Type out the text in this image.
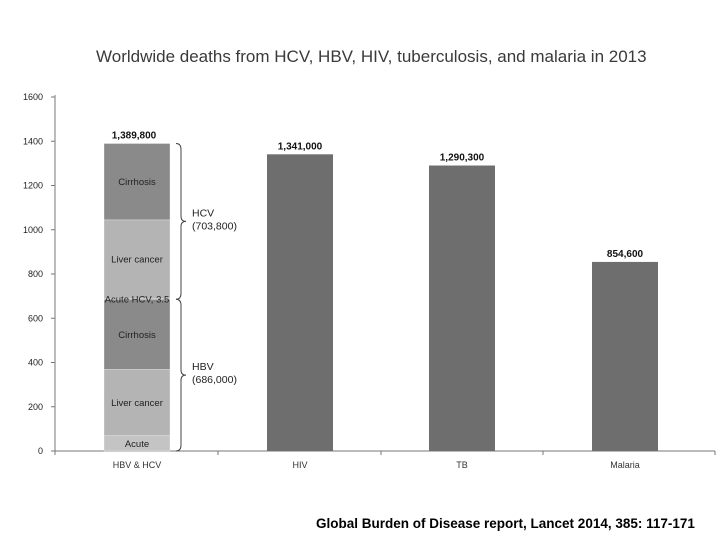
Worldwide deaths from HCV, HBV, HIV, tuberculosis, and malaria in 2013
0
200
400
600
800
1000
1200
1400
1600
HBV & HCV	HIV	TB	Malaria
Acute
Liver cancer
Cirrhosis
Acute HCV, 3.5
Liver cancer
Cirrhosis
1,389,800
1,341,000
1,290,300
854,600
HCV
(703,800)
HBV
(686,000)
Global Burden of Disease report, Lancet 2014, 385: 117-171
